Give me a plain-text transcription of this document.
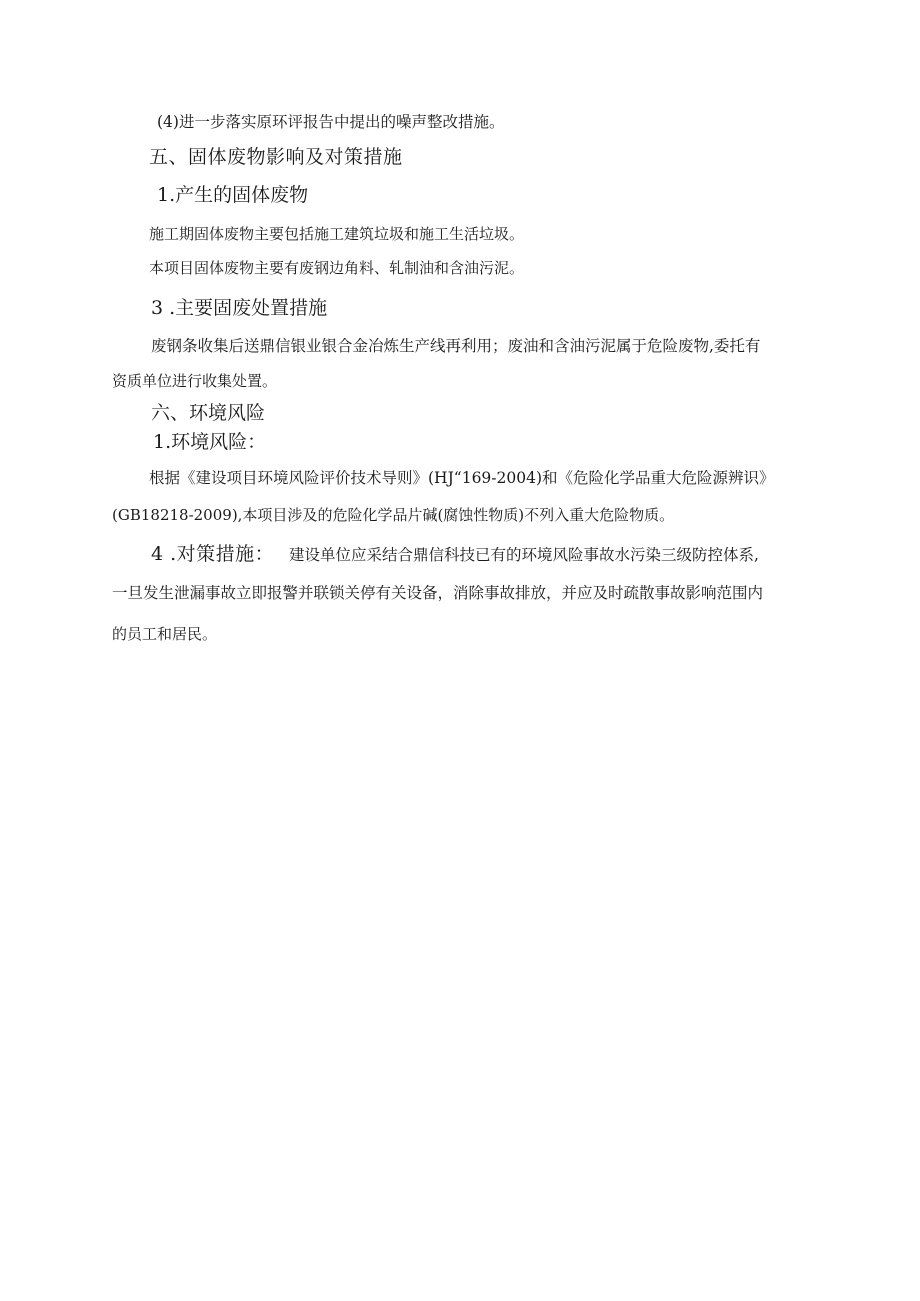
(4)进一步落实原环评报告中提出的噪声整改措施。
五、固体废物影响及对策措施
1.产生的固体废物
施工期固体废物主要包括施工建筑垃圾和施工生活垃圾。
本项目固体废物主要有废钢边角料、轧制油和含油污泥。
3 .主要固废处置措施
废钢条收集后送鼎信银业银合金冶炼生产线再利用；废油和含油污泥属于危险废物,委托有
资质单位进行收集处置。
六、环境风险
1.环境风险：
根据《建设项目环境风险评价技术导则》(HJ“169-2004)和《危险化学品重大危险源辨识》
(GB18218-2009),本项目涉及的危险化学品片碱(腐蚀性物质)不列入重大危险物质。
4 .对策措施： 建设单位应采结合鼎信科技已有的环境风险事故水污染三级防控体系,
一旦发生泄漏事故立即报警并联锁关停有关设备，消除事故排放，并应及时疏散事故影响范围内
的员工和居民。
